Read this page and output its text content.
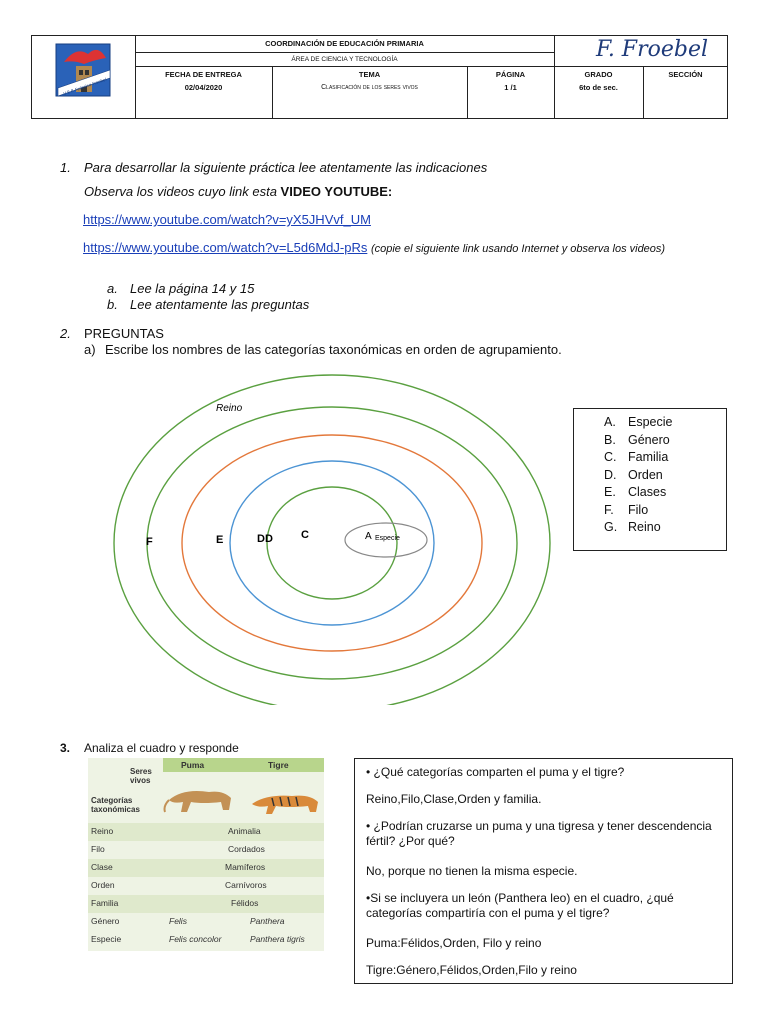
U.E.P. Federico Froebel
COORDINACIÓN DE EDUCACIÓN PRIMARIA
ÁREA DE CIENCIA Y TECNOLOGÍA	F. Froebel
FECHA DE ENTREGA
02/04/2020
TEMA
Clasificación de los seres vivos
PÁGINA
1 /1
GRADO
6to de sec.
SECCIÓN
1. Para desarrollar la siguiente práctica lee atentamente las indicaciones
Observa los videos cuyo link esta VIDEO YOUTUBE:
https://www.youtube.com/watch?v=yX5JHVvf_UM
https://www.youtube.com/watch?v=L5d6MdJ-pRs (copie el siguiente link usando Internet y observa los videos)
a. Lee la página 14 y 15
b. Lee atentamente las preguntas
2. PREGUNTAS
a) Escribe los nombres de las categorías taxonómicas en orden de agrupamiento.
Reino
F	E	DD	C	A Especie
A. Especie
B. Género
C. Familia
D. Orden
E. Clases
F. Filo
G. Reino
3. Analiza el cuadro y responde
Puma	Tigre
Seres
vivos
Categorías
taxonómicas
Reino	Animalia
Filo	Cordados
Clase	Mamíferos
Orden	Carnívoros
Familia	Félidos
Género	Felis	Panthera
Especie	Felis concolor	Panthera tigris
• ¿Qué categorías comparten el puma y el tigre?
Reino,Filo,Clase,Orden y familia.
• ¿Podrían cruzarse un puma y una tigresa y tener descendencia fértil? ¿Por qué?
No, porque no tienen la misma especie.
•Si se incluyera un león (Panthera leo) en el cuadro, ¿qué categorías compartiría con el puma y el tigre?
Puma:Félidos,Orden, Filo y reino
Tigre:Género,Félidos,Orden,Filo y reino
